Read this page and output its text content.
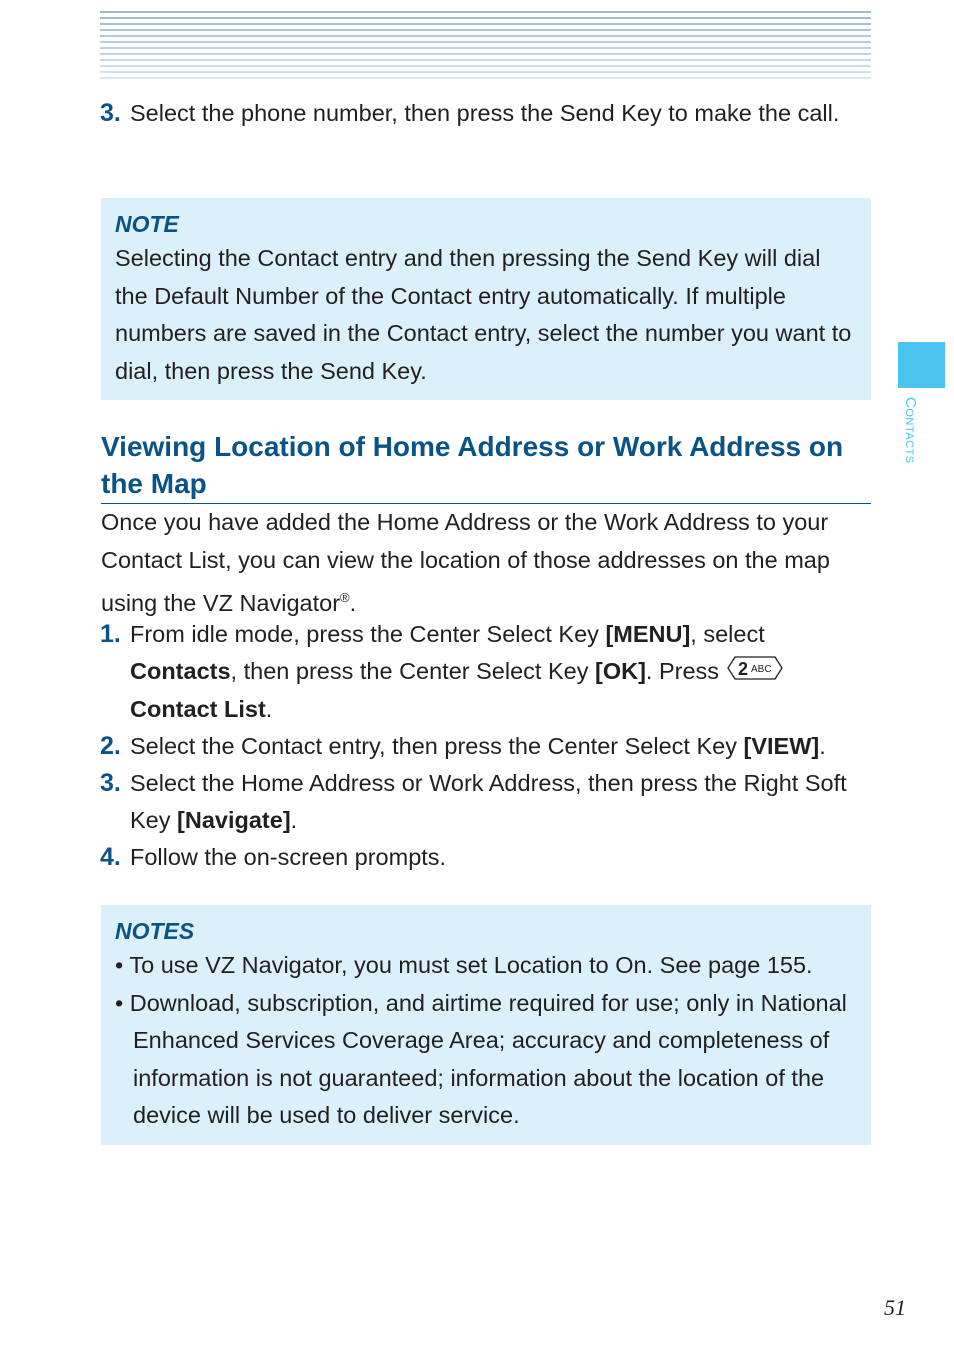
3. Select the phone number, then press the Send Key to make the call.
NOTE
Selecting the Contact entry and then pressing the Send Key will dial the Default Number of the Contact entry automatically. If multiple numbers are saved in the Contact entry, select the number you want to dial, then press the Send Key.
Viewing Location of Home Address or Work Address on the Map
Once you have added the Home Address or the Work Address to your Contact List, you can view the location of those addresses on the map using the VZ Navigator®.
1. From idle mode, press the Center Select Key [MENU], select Contacts, then press the Center Select Key [OK]. Press 2 ABC

Contact List.
2. Select the Contact entry, then press the Center Select Key [VIEW].
3. Select the Home Address or Work Address, then press the Right Soft Key [Navigate].
4. Follow the on-screen prompts.
NOTES
• To use VZ Navigator, you must set Location to On. See page 155.
• Download, subscription, and airtime required for use; only in National Enhanced Services Coverage Area; accuracy and completeness of information is not guaranteed; information about the location of the device will be used to deliver service.
Contacts
51
